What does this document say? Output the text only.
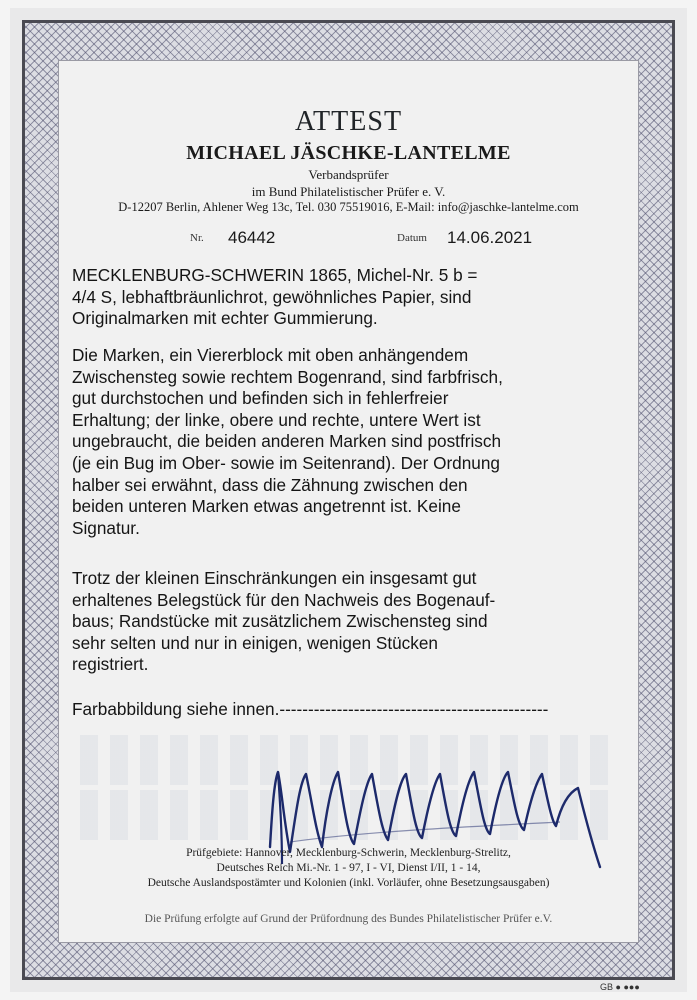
ATTEST
MICHAEL JÄSCHKE-LANTELME
Verbandsprüfer
im Bund Philatelistischer Prüfer e. V.
D-12207 Berlin, Ahlener Weg 13c, Tel. 030 75519016, E-Mail: info@jaschke-lantelme.com
Nr. 46442	Datum 14.06.2021
MECKLENBURG-SCHWERIN 1865, Michel-Nr. 5 b =
4/4 S, lebhaftbräunlichrot, gewöhnliches Papier, sind
Originalmarken mit echter Gummierung.
Die Marken, ein Viererblock mit oben anhängendem
Zwischensteg sowie rechtem Bogenrand, sind farbfrisch,
gut durchstochen und befinden sich in fehlerfreier
Erhaltung; der linke, obere und rechte, untere Wert ist
ungebraucht, die beiden anderen Marken sind postfrisch
(je ein Bug im Ober- sowie im Seitenrand). Der Ordnung
halber sei erwähnt, dass die Zähnung zwischen den
beiden unteren Marken etwas angetrennt ist. Keine
Signatur.
Trotz der kleinen Einschränkungen ein insgesamt gut
erhaltenes Belegstück für den Nachweis des Bogenauf-
baus; Randstücke mit zusätzlichem Zwischensteg sind
sehr selten und nur in einigen, wenigen Stücken
registriert.
Farbabbildung siehe innen.-----------------------------------------------
Prüfgebiete: Hannover, Mecklenburg-Schwerin, Mecklenburg-Strelitz,
Deutsches Reich Mi.-Nr. 1 - 97, I - VI, Dienst I/II, 1 - 14,
Deutsche Auslandspostämter und Kolonien (inkl. Vorläufer, ohne Besetzungsausgaben)
Die Prüfung erfolgte auf Grund der Prüfordnung des Bundes Philatelistischer Prüfer e.V.
GB ● ●●●
